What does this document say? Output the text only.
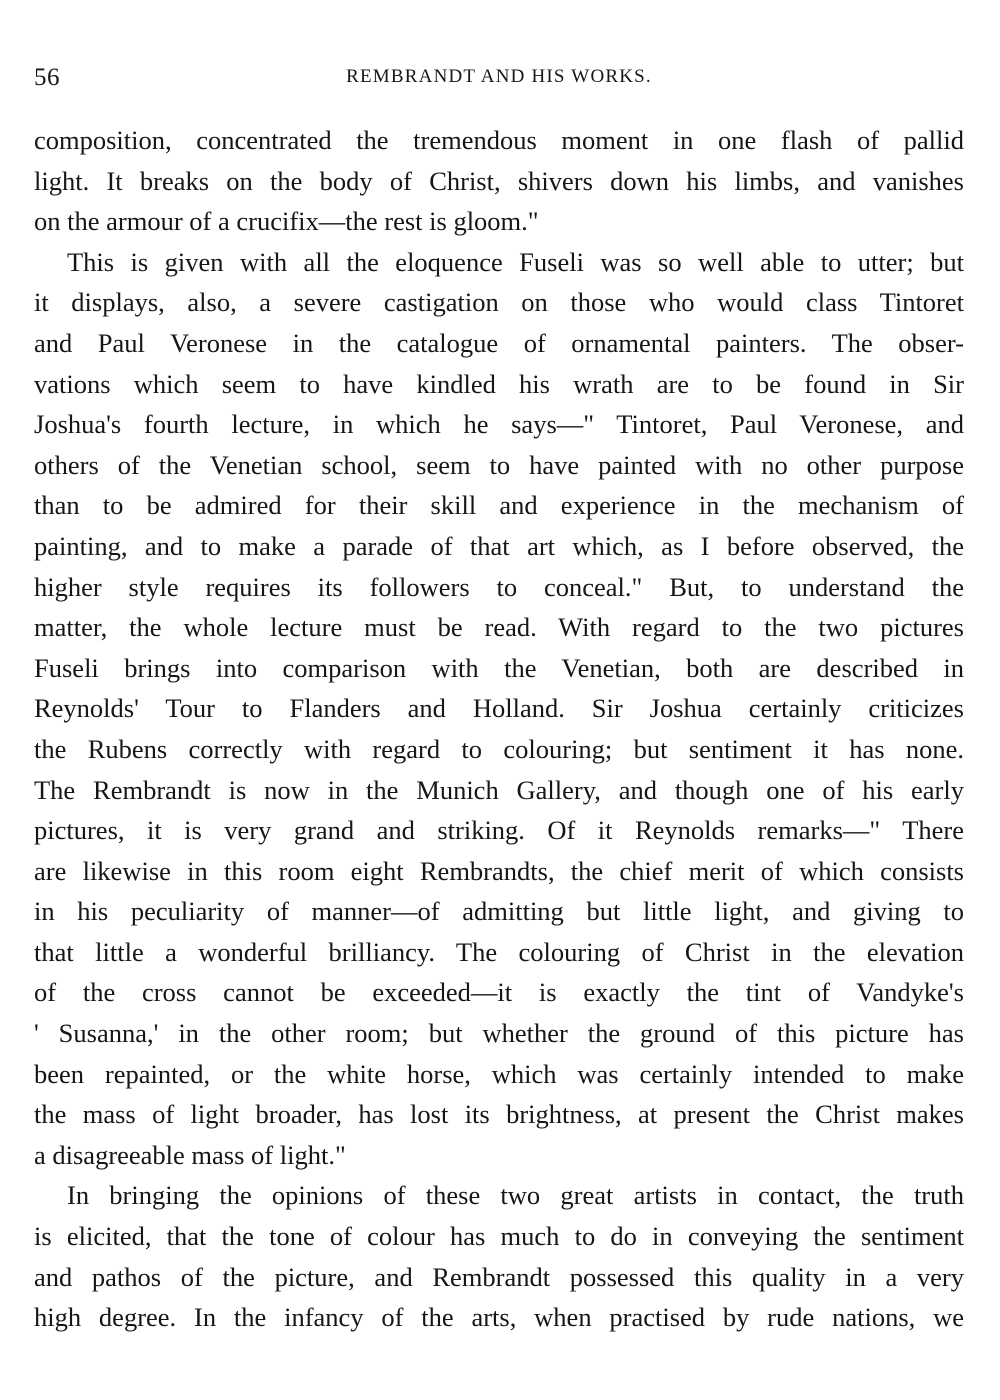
56	REMBRANDT AND HIS WORKS.

composition, concentrated the tremendous moment in one flash of pallid
light. It breaks on the body of Christ, shivers down his limbs, and vanishes
on the armour of a crucifix—the rest is gloom."

This is given with all the eloquence Fuseli was so well able to utter; but
it displays, also, a severe castigation on those who would class Tintoret
and Paul Veronese in the catalogue of ornamental painters. The obser-
vations which seem to have kindled his wrath are to be found in Sir
Joshua's fourth lecture, in which he says—" Tintoret, Paul Veronese, and
others of the Venetian school, seem to have painted with no other purpose
than to be admired for their skill and experience in the mechanism of
painting, and to make a parade of that art which, as I before observed, the
higher style requires its followers to conceal." But, to understand the
matter, the whole lecture must be read. With regard to the two pictures
Fuseli brings into comparison with the Venetian, both are described in
Reynolds' Tour to Flanders and Holland. Sir Joshua certainly criticizes
the Rubens correctly with regard to colouring; but sentiment it has none.
The Rembrandt is now in the Munich Gallery, and though one of his early
pictures, it is very grand and striking. Of it Reynolds remarks—" There
are likewise in this room eight Rembrandts, the chief merit of which consists
in his peculiarity of manner—of admitting but little light, and giving to
that little a wonderful brilliancy. The colouring of Christ in the elevation
of the cross cannot be exceeded—it is exactly the tint of Vandyke's
' Susanna,' in the other room; but whether the ground of this picture has
been repainted, or the white horse, which was certainly intended to make
the mass of light broader, has lost its brightness, at present the Christ makes
a disagreeable mass of light."

In bringing the opinions of these two great artists in contact, the truth
is elicited, that the tone of colour has much to do in conveying the sentiment
and pathos of the picture, and Rembrandt possessed this quality in a very
high degree. In the infancy of the arts, when practised by rude nations, we
